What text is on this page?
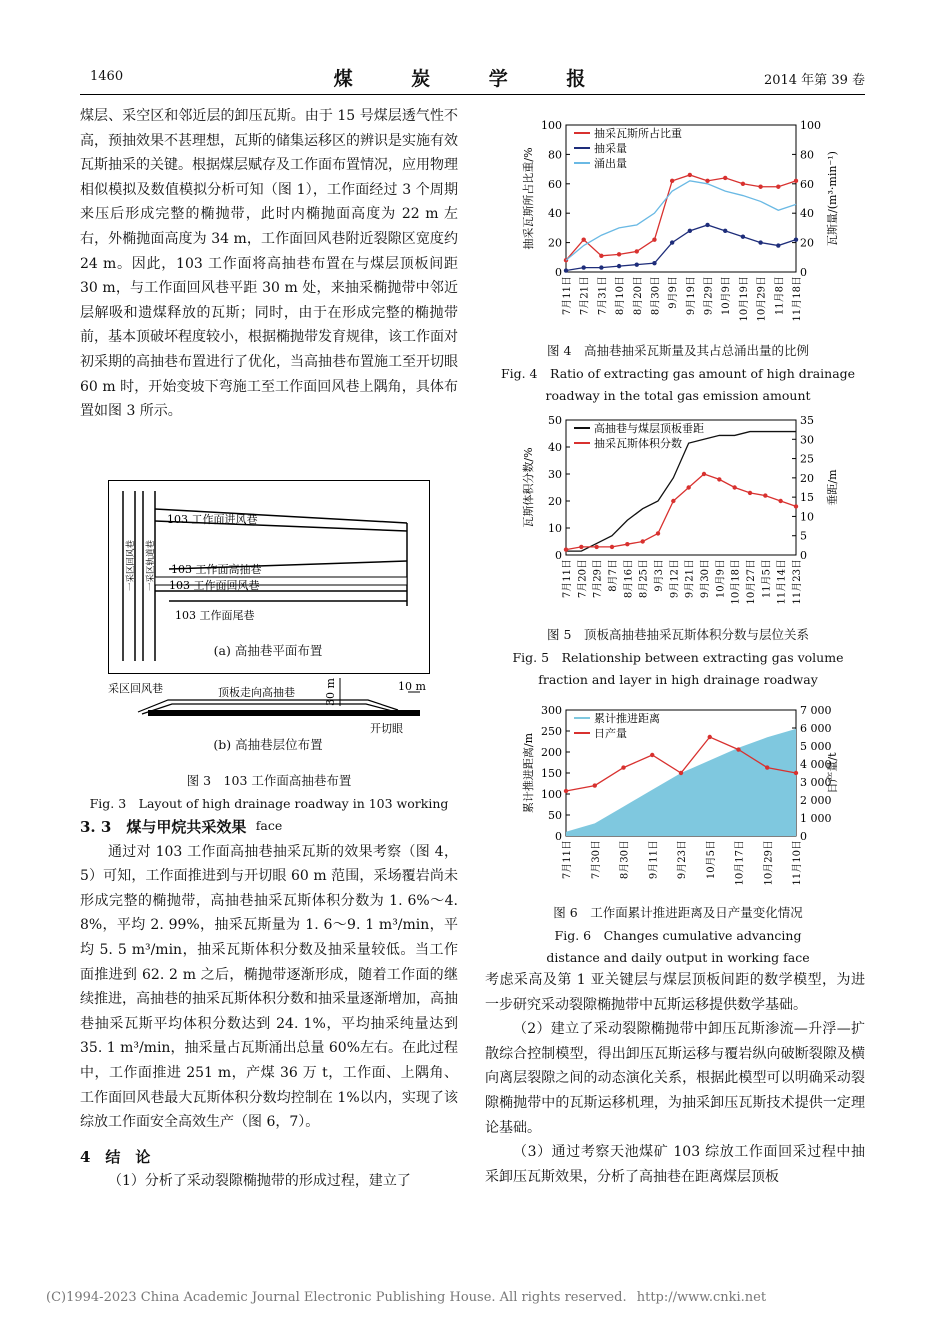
1460	煤 炭 学 报	2014 年第 39 卷

煤层、采空区和邻近层的卸压瓦斯。由于 15 号煤层透气性不高，预抽效果不甚理想，瓦斯的储集运移区的辨识是实施有效瓦斯抽采的关键。根据煤层赋存及工作面布置情况，应用物理相似模拟及数值模拟分析可知（图 1），工作面经过 3 个周期来压后形成完整的椭抛带，此时内椭抛面高度为 22 m 左右，外椭抛面高度为 34 m，工作面回风巷附近裂隙区宽度约 24 m。因此，103 工作面将高抽巷布置在与煤层顶板间距 30 m，与工作面回风巷平距 30 m 处，来抽采椭抛带中邻近层解吸和遗煤释放的瓦斯；同时，由于在形成完整的椭抛带前，基本顶破坏程度较小，根据椭抛带发育规律，该工作面对初采期的高抽巷布置进行了优化，当高抽巷布置施工至开切眼 60 m 时，开始变坡下弯施工至工作面回风巷上隅角，具体布置如图 3 所示。

103 工作面进风巷
103 工作面高抽巷
103 工作面回风巷
103 工作面尾巷
一采区回风巷 一采区轨道巷
(a) 高抽巷平面布置
采区回风巷	顶板走向高抽巷	30 m	10 m
开切眼
(b) 高抽巷层位布置

图 3　103 工作面高抽巷布置

Fig. 3　Layout of high drainage roadway in 103 working face

3. 3　煤与甲烷共采效果

通过对 103 工作面高抽巷抽采瓦斯的效果考察（图 4，5）可知，工作面推进到与开切眼 60 m 范围，采场覆岩尚未形成完整的椭抛带，高抽巷抽采瓦斯体积分数为 1. 6%～4. 8%，平均 2. 99%，抽采瓦斯量为 1. 6～9. 1 m³/min，平均 5. 5 m³/min，抽采瓦斯体积分数及抽采量较低。当工作面推进到 62. 2 m 之后，椭抛带逐渐形成，随着工作面的继续推进，高抽巷的抽采瓦斯体积分数和抽采量逐渐增加，高抽巷抽采瓦斯平均体积分数达到 24. 1%，平均抽采纯量达到 35. 1 m³/min，抽采量占瓦斯涌出总量 60%左右。在此过程中，工作面推进 251 m，产煤 36 万 t，工作面、上隅角、工作面回风巷最大瓦斯体积分数均控制在 1%以内，实现了该综放工作面安全高效生产（图 6，7）。

4　结　论

（1）分析了采动裂隙椭抛带的形成过程，建立了

0
20
40
60
80
100
0
20
40
60
80
100
7月11日 7月21日 7月31日 8月10日 8月20日 8月30日 9月9日 9月19日 9月29日 10月9日 10月19日 10月29日 11月8日 11月18日
抽采瓦斯所占比重/%	瓦斯量/(m³·min⁻¹)
抽采瓦斯所占比重
抽采量
涌出量

图 4　高抽巷抽采瓦斯量及其占总涌出量的比例

Fig. 4　Ratio of extracting gas amount of high drainage

roadway in the total gas emission amount

0
10
20
30
40
50
0
5
10
15
20
25
30
35
7月11日 7月20日 7月29日 8月7日 8月16日 8月25日 9月3日 9月12日 9月21日 9月30日 10月9日 10月18日 10月27日 11月5日 11月14日 11月23日
瓦斯体积分数/%	垂距/m
高抽巷与煤层顶板垂距
抽采瓦斯体积分数

图 5　顶板高抽巷抽采瓦斯体积分数与层位关系

Fig. 5　Relationship between extracting gas volume

fraction and layer in high drainage roadway

0
50
100
150
200
250
300
0
1 000
2 000
3 000
4 000
5 000
6 000
7 000
7月11日 7月30日 8月30日 9月11日 9月23日 10月5日 10月17日 10月29日 11月10日
累计推进距离/m	日产量/t
累计推进距离
日产量

图 6　工作面累计推进距离及日产量变化情况

Fig. 6　Changes cumulative advancing

distance and daily output in working face

考虑采高及第 1 亚关键层与煤层顶板间距的数学模型，为进一步研究采动裂隙椭抛带中瓦斯运移提供数学基础。

（2）建立了采动裂隙椭抛带中卸压瓦斯渗流—升浮—扩散综合控制模型，得出卸压瓦斯运移与覆岩纵向破断裂隙及横向离层裂隙之间的动态演化关系，根据此模型可以明确采动裂隙椭抛带中的瓦斯运移机理，为抽采卸压瓦斯技术提供一定理论基础。

（3）通过考察天池煤矿 103 综放工作面回采过程中抽采卸压瓦斯效果，分析了高抽巷在距离煤层顶板

(C)1994-2023 China Academic Journal Electronic Publishing House. All rights reserved. http://www.cnki.net
